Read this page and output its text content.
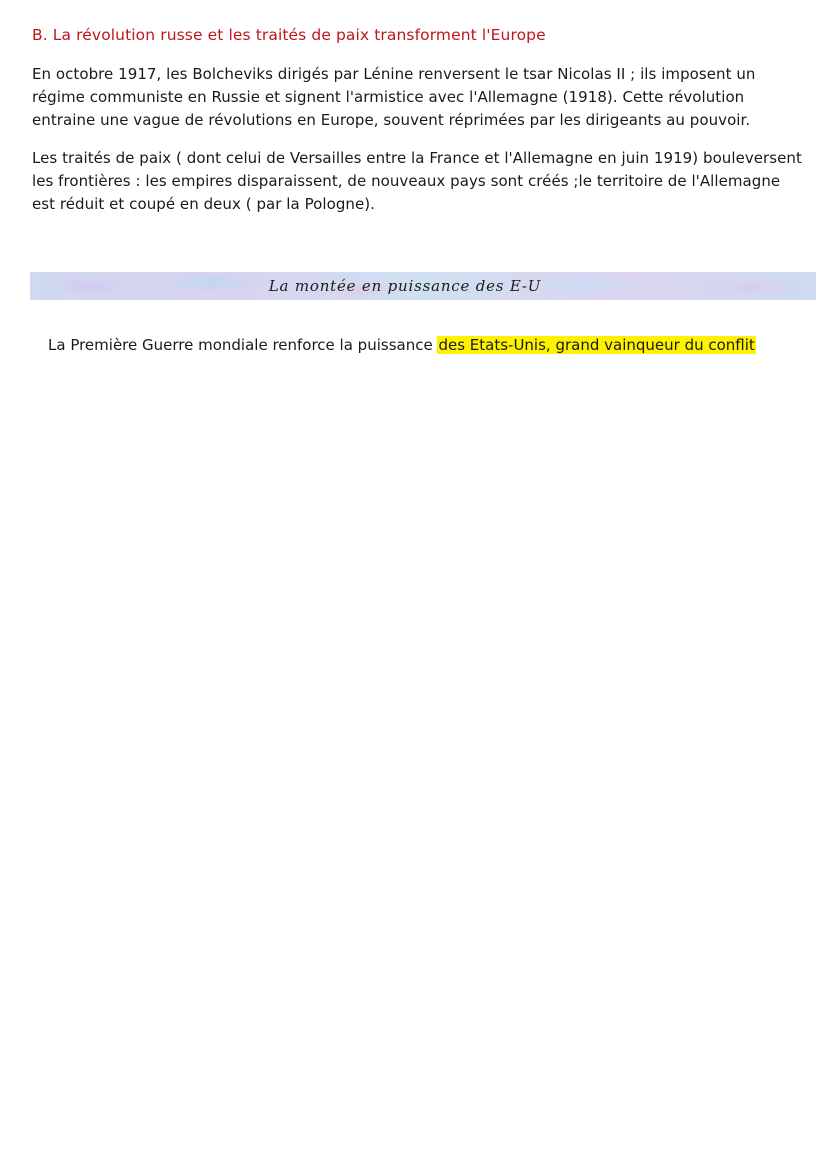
B. La révolution russe et les traités de paix transforment l'Europe

En octobre 1917, les Bolcheviks dirigés par Lénine renversent le tsar Nicolas II ; ils imposent un régime communiste en Russie et signent l'armistice avec l'Allemagne (1918). Cette révolution entraine une vague de révolutions en Europe, souvent réprimées par les dirigeants au pouvoir.

Les traités de paix ( dont celui de Versailles entre la France et l'Allemagne en juin 1919) bouleversent les frontières : les empires disparaissent, de nouveaux pays sont créés ;le territoire de l'Allemagne est réduit et coupé en deux ( par la Pologne).

La montée en puissance des E-U

La Première Guerre mondiale renforce la puissance des Etats-Unis, grand vainqueur du conflit
